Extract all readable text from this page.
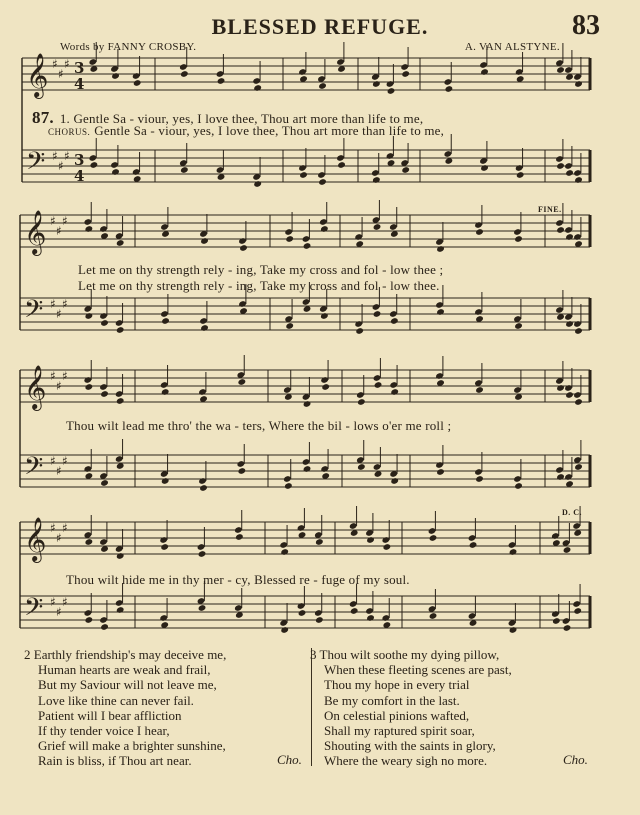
BLESSED REFUGE.	83
Words by FANNY CROSBY.	A. VAN ALSTYNE.
𝄞 ♯
♯
♯ 3
4
𝄢 ♯
♯
♯ 3
4
𝄞 ♯
♯
♯
𝄢 ♯
♯
♯
𝄞 ♯
♯
♯
𝄢 ♯
♯
♯
𝄞 ♯
♯
♯
𝄢 ♯
♯
♯
87. 1. Gentle Sa - viour, yes, I love thee, Thou art more than life to me,
CHORUS. Gentle Sa - viour, yes, I love thee, Thou art more than life to me,
Let me on thy strength rely - ing, Take my cross and fol - low thee ;
Let me on thy strength rely - ing, Take my cross and fol - low thee.
Thou wilt lead me thro' the wa - ters, Where the bil - lows o'er me roll ;
Thou wilt hide me in thy mer - cy, Blessed re - fuge of my soul.
FINE.
D. C.
2 Earthly friendship's may deceive me,
Human hearts are weak and frail,
But my Saviour will not leave me,
Love like thine can never fail.
Patient will I bear affliction
If thy tender voice I hear,
Grief will make a brighter sunshine,
Rain is bliss, if Thou art near.	Cho.
3 Thou wilt soothe my dying pillow,
When these fleeting scenes are past,
Thou my hope in every trial
Be my comfort in the last.
On celestial pinions wafted,
Shall my raptured spirit soar,
Shouting with the saints in glory,
Where the weary sigh no more.	Cho.
